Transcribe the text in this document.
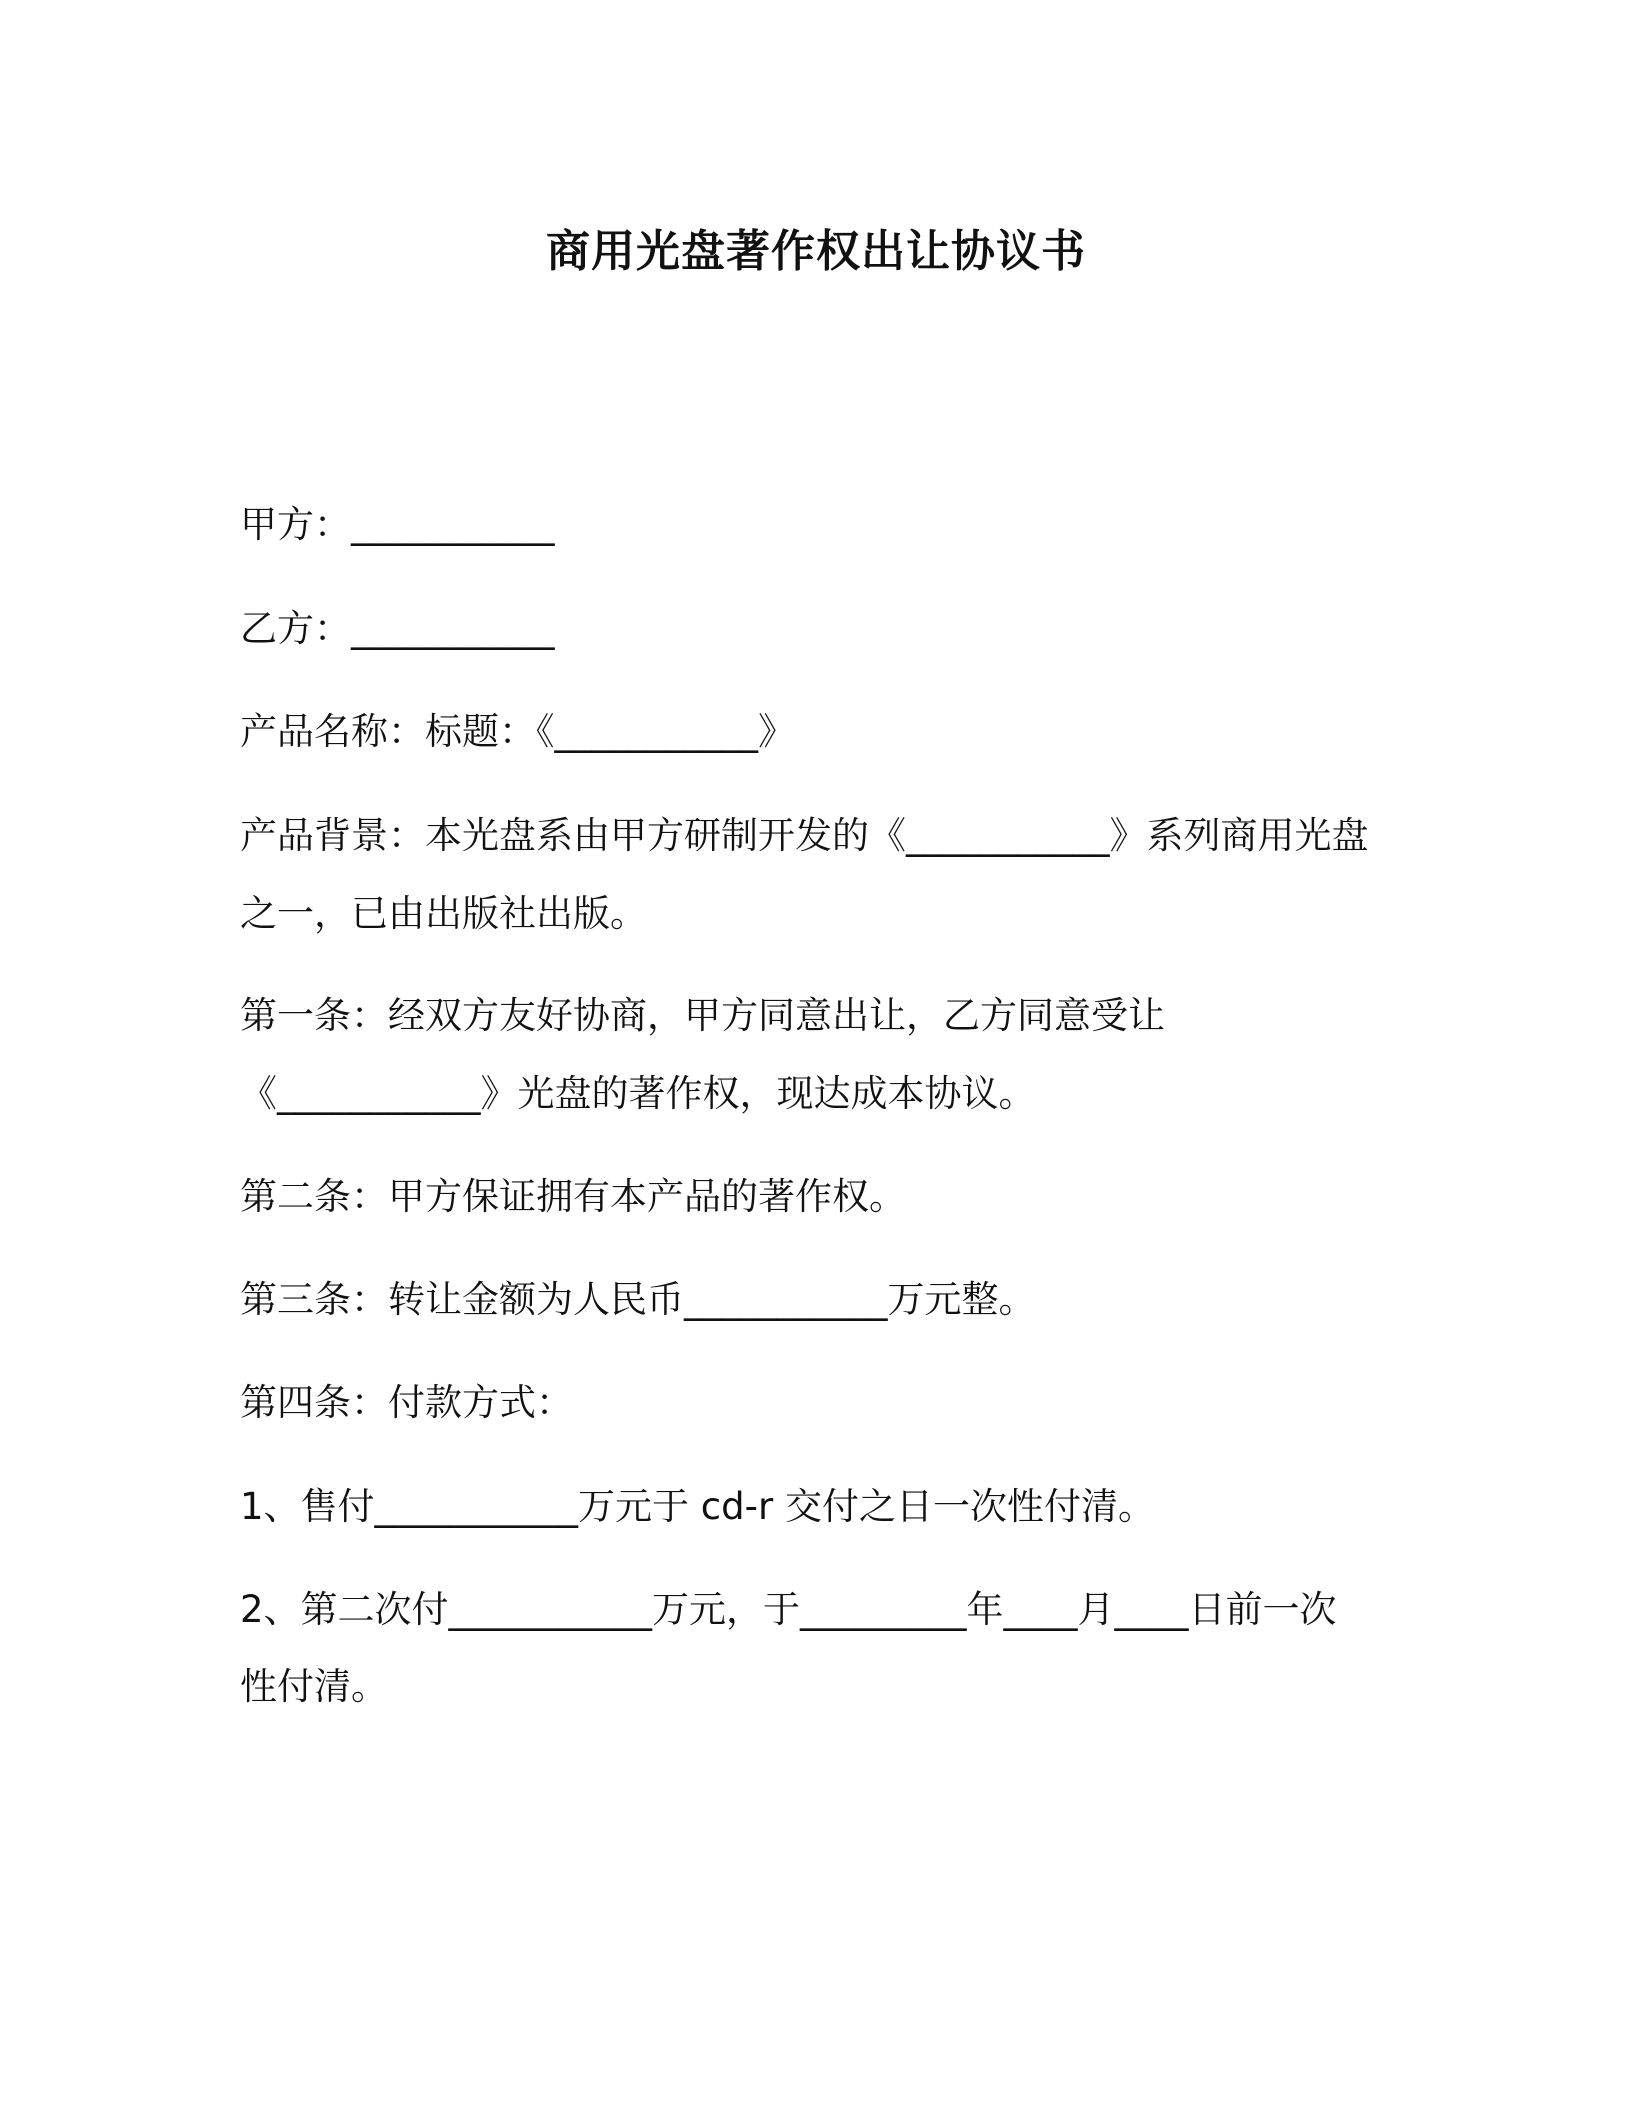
商用光盘著作权出让协议书
甲方：___________
乙方：___________
产品名称：标题：《___________》
产品背景：本光盘系由甲方研制开发的《___________》系列商用光盘
之一，已由出版社出版。
第一条：经双方友好协商，甲方同意出让，乙方同意受让
《___________》光盘的著作权，现达成本协议。
第二条：甲方保证拥有本产品的著作权。
第三条：转让金额为人民币___________万元整。
第四条：付款方式：
1、售付___________万元于 cd-r 交付之日一次性付清。
2、第二次付___________万元，于_________年____月____日前一次
性付清。
